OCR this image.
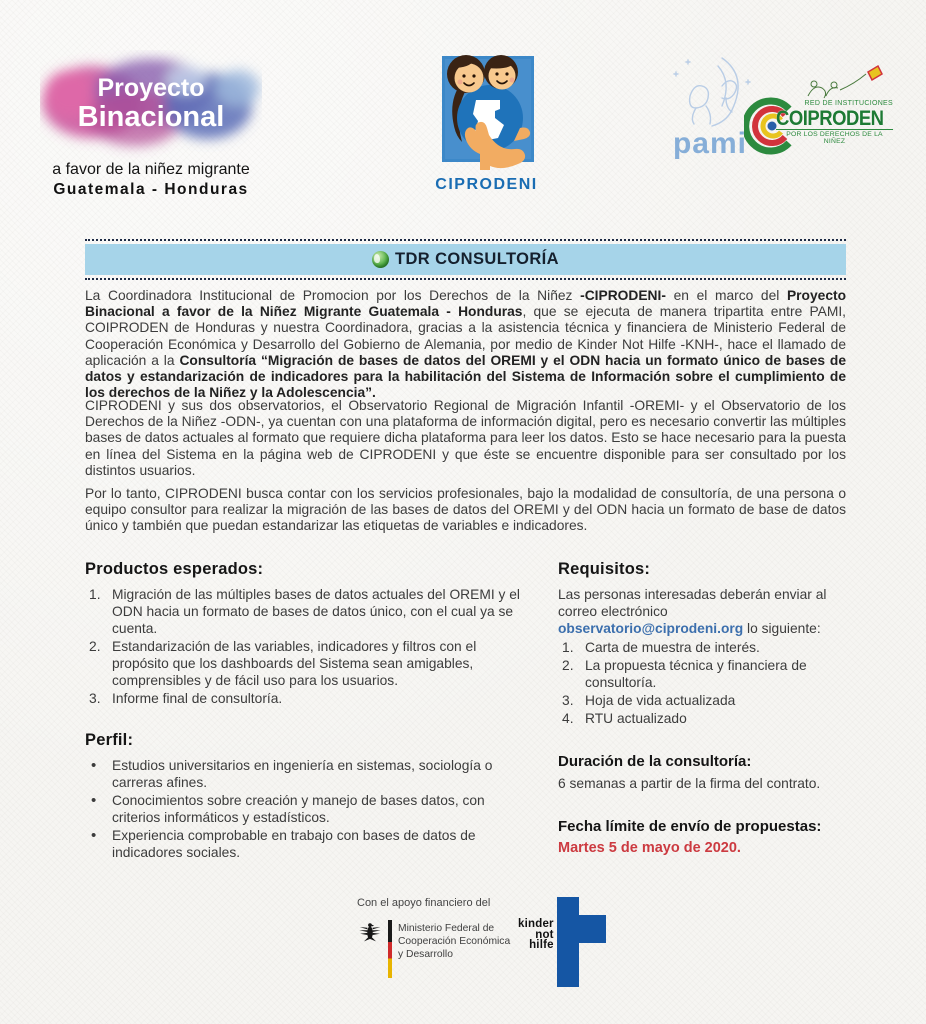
Proyecto
Binacional
a favor de la niñez migrante
Guatemala - Honduras	CIPRODENI
pami
RED DE INSTITUCIONES
COIPRODEN
POR LOS DERECHOS DE LA NIÑEZ
TDR CONSULTORÍA

La Coordinadora Institucional de Promocion por los Derechos de la Niñez -CIPRODENI- en el marco del Proyecto Binacional a favor de la Niñez Migrante Guatemala - Honduras, que se ejecuta de manera tripartita entre PAMI, COIPRODEN de Honduras y nuestra Coordinadora, gracias a la asistencia técnica y financiera de Ministerio Federal de Cooperación Económica y Desarrollo del Gobierno de Alemania, por medio de Kinder Not Hilfe -KNH-, hace el llamado de aplicación a la Consultoría “Migración de bases de datos del OREMI y el ODN hacia un formato único de bases de datos y estandarización de indicadores para la habilitación del Sistema de Información sobre el cumplimiento de los derechos de la Niñez y la Adolescencia”.

CIPRODENI y sus dos observatorios, el Observatorio Regional de Migración Infantil -OREMI- y el Observatorio de los Derechos de la Niñez -ODN-, ya cuentan con una plataforma de información digital, pero es necesario convertir las múltiples bases de datos actuales al formato que requiere dicha plataforma para leer los datos. Esto se hace necesario para la puesta en línea del Sistema en la página web de CIPRODENI y que éste se encuentre disponible para ser consultado por los distintos usuarios.

Por lo tanto, CIPRODENI busca contar con los servicios profesionales, bajo la modalidad de consultoría, de una persona o equipo consultor para realizar la migración de las bases de datos del OREMI y del ODN hacia un formato de base de datos único y también que puedan estandarizar las etiquetas de variables e indicadores.

Productos esperados:
Migración de las múltiples bases de datos actuales del OREMI y el ODN hacia un formato de bases de datos único, con el cual ya se cuenta.
Estandarización de las variables, indicadores y filtros con el propósito que los dashboards del Sistema sean amigables, comprensibles y de fácil uso para los usuarios.
Informe final de consultoría.
Perfil:
• Estudios universitarios en ingeniería en sistemas, sociología o carreras afines.
• Conocimientos sobre creación y manejo de bases datos, con criterios informáticos y estadísticos.
• Experiencia comprobable en trabajo con bases de datos de indicadores sociales.
Requisitos:

Las personas interesadas deberán enviar al correo electrónico observatorio@ciprodeni.org lo siguiente:

Carta de muestra de interés.
La propuesta técnica y financiera de consultoría.
Hoja de vida actualizada
RTU actualizado
Duración de la consultoría:
6 semanas a partir de la firma del contrato.
Fecha límite de envío de propuestas:
Martes 5 de mayo de 2020.
Con el apoyo financiero del
Ministerio Federal de
Cooperación Económica
y Desarrollo
kinder
not
hilfe
